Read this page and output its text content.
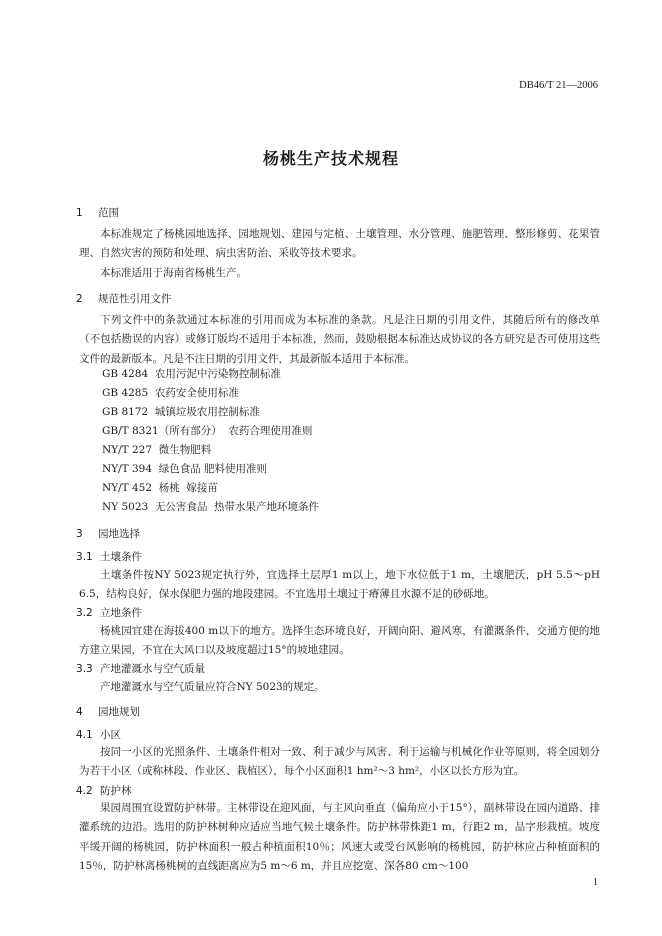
DB46/T 21—2006
杨桃生产技术规程
1 范围
本标准规定了杨桃园地选择、园地规划、建园与定植、土壤管理、水分管理、施肥管理、整形修剪、花果管理、自然灾害的预防和处理、病虫害防治、采收等技术要求。
本标准适用于海南省杨桃生产。
2 规范性引用文件
下列文件中的条款通过本标准的引用而成为本标准的条款。凡是注日期的引用文件，其随后所有的修改单（不包括勘误的内容）或修订版均不适用于本标准，然而，鼓励根据本标准达成协议的各方研究是否可使用这些文件的最新版本。凡是不注日期的引用文件，其最新版本适用于本标准。
GB 4284  农用污泥中污染物控制标准
GB 4285  农药安全使用标准
GB 8172  城镇垃圾农用控制标准
GB/T 8321（所有部分）  农药合理使用准则
NY/T 227  微生物肥料
NY/T 394  绿色食品 肥料使用准则
NY/T 452  杨桃  嫁接苗
NY 5023  无公害食品  热带水果产地环境条件
3 园地选择
3.1 土壤条件
土壤条件按NY 5023规定执行外，宜选择土层厚1 m以上，地下水位低于1 m，土壤肥沃，pH 5.5～pH 6.5，结构良好，保水保肥力强的地段建园。不宜选用土壤过于瘠薄且水源不足的砂砾地。
3.2 立地条件
杨桃园宜建在海拔400 m以下的地方。选择生态环境良好，开阔向阳、避风寒，有灌溉条件，交通方便的地方建立果园，不宜在大风口以及坡度超过15°的坡地建园。
3.3 产地灌溉水与空气质量
产地灌溉水与空气质量应符合NY 5023的规定。
4 园地规划
4.1 小区
按同一小区的光照条件、土壤条件相对一致、利于减少与风害、利于运输与机械化作业等原则，将全园划分为若干小区（或称林段、作业区、栽植区），每个小区面积1 hm²～3 hm²，小区以长方形为宜。
4.2 防护林
果园周围宜设置防护林带。主林带设在迎风面，与主风向垂直（偏角应小于15°），副林带设在园内道路、排灌系统的边沿。选用的防护林树种应适应当地气候土壤条件。防护林带株距1 m，行距2 m，品字形栽植。坡度平缓开阔的杨桃园，防护林面积一般占种植面积10％；风速大或受台风影响的杨桃园，防护林应占种植面积的15％，防护林离杨桃树的直线距离应为5 m～6 m，并且应挖宽、深各80 cm～100
1
